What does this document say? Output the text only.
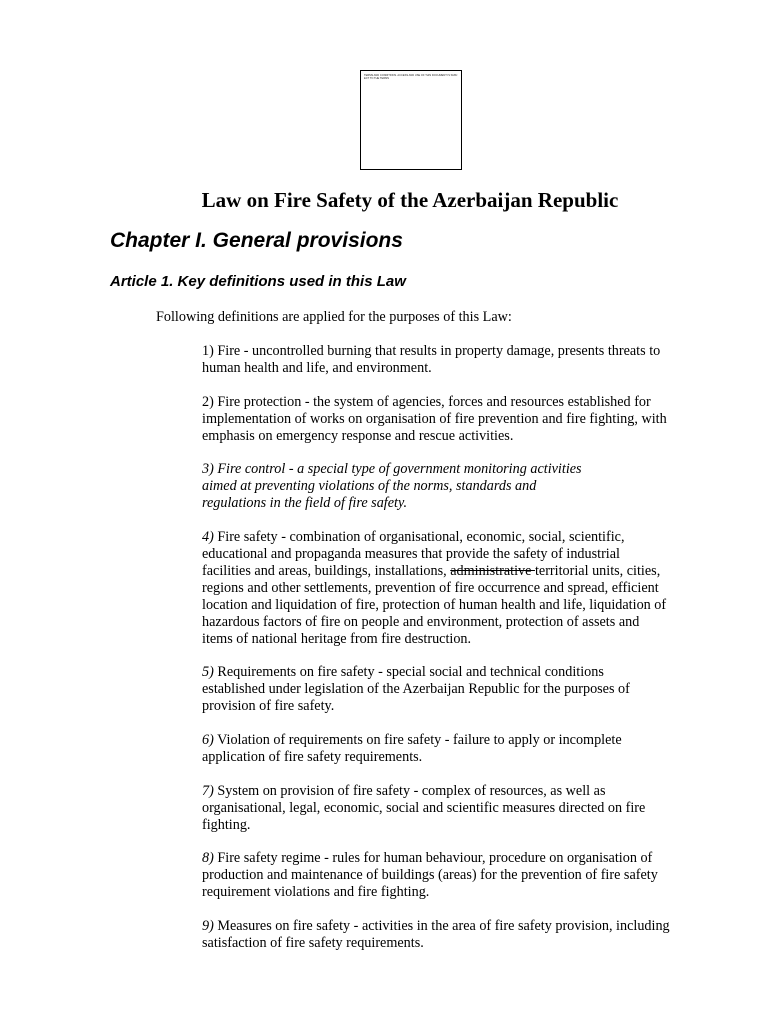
TERMS AND CONDITIONS. ACCESS AND USE OF THIS DOCUMENT IS SUBJECT TO THE TERMS
Law on Fire Safety of the Azerbaijan Republic
Chapter I. General provisions
Article 1. Key definitions used in this Law
Following definitions are applied for the purposes of this Law:
1) Fire - uncontrolled burning that results in property damage, presents threats to
human health and life, and environment.
2) Fire protection - the system of agencies, forces and resources established for
implementation of works on organisation of fire prevention and fire fighting, with
emphasis on emergency response and rescue activities.
3) Fire control - a special type of government monitoring activities
aimed at preventing violations of the norms, standards and
regulations in the field of fire safety.
4) Fire safety - combination of organisational, economic, social, scientific,
educational and propaganda measures that provide the safety of industrial
facilities and areas, buildings, installations, administrative territorial units, cities,
regions and other settlements, prevention of fire occurrence and spread, efficient
location and liquidation of fire, protection of human health and life, liquidation of
hazardous factors of fire on people and environment, protection of assets and
items of national heritage from fire destruction.
5) Requirements on fire safety - special social and technical conditions
established under legislation of the Azerbaijan Republic for the purposes of
provision of fire safety.
6) Violation of requirements on fire safety - failure to apply or incomplete
application of fire safety requirements.
7) System on provision of fire safety - complex of resources, as well as
organisational, legal, economic, social and scientific measures directed on fire
fighting.
8) Fire safety regime - rules for human behaviour, procedure on organisation of
production and maintenance of buildings (areas) for the prevention of fire safety
requirement violations and fire fighting.
9) Measures on fire safety - activities in the area of fire safety provision, including
satisfaction of fire safety requirements.
